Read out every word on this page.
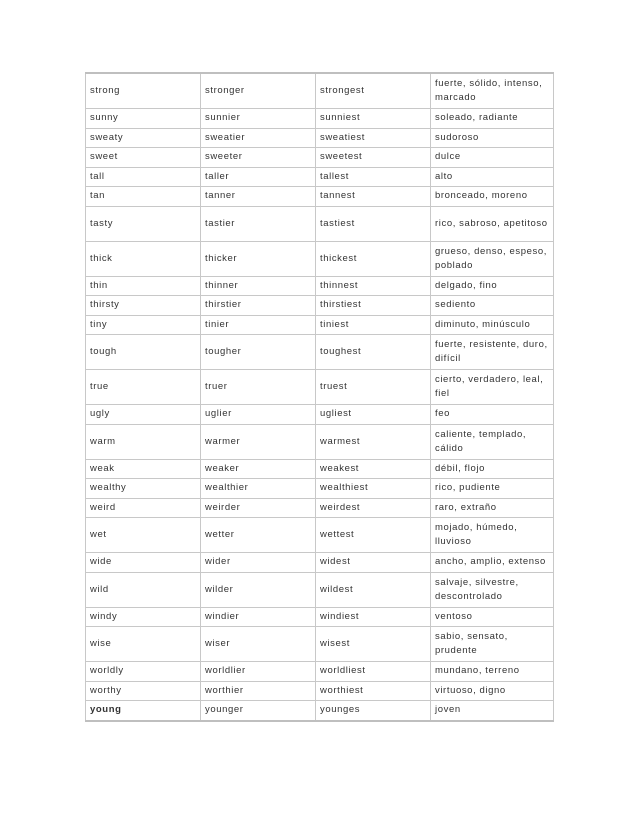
strong	stronger	strongest	fuerte, sólido, intenso, marcado
sunny	sunnier	sunniest	soleado, radiante
sweaty	sweatier	sweatiest	sudoroso
sweet	sweeter	sweetest	dulce
tall	taller	tallest	alto
tan	tanner	tannest	bronceado, moreno
tasty	tastier	tastiest	rico, sabroso, apetitoso
thick	thicker	thickest	grueso, denso, espeso, poblado
thin	thinner	thinnest	delgado, fino
thirsty	thirstier	thirstiest	sediento
tiny	tinier	tiniest	diminuto, minúsculo
tough	tougher	toughest	fuerte, resistente, duro, difícil
true	truer	truest	cierto, verdadero, leal, fiel
ugly	uglier	ugliest	feo
warm	warmer	warmest	caliente, templado, cálido
weak	weaker	weakest	débil, flojo
wealthy	wealthier	wealthiest	rico, pudiente
weird	weirder	weirdest	raro, extraño
wet	wetter	wettest	mojado, húmedo, lluvioso
wide	wider	widest	ancho, amplio, extenso
wild	wilder	wildest	salvaje, silvestre, descontrolado
windy	windier	windiest	ventoso
wise	wiser	wisest	sabio, sensato, prudente
worldly	worldlier	worldliest	mundano, terreno
worthy	worthier	worthiest	virtuoso, digno
young	younger	younges	joven
